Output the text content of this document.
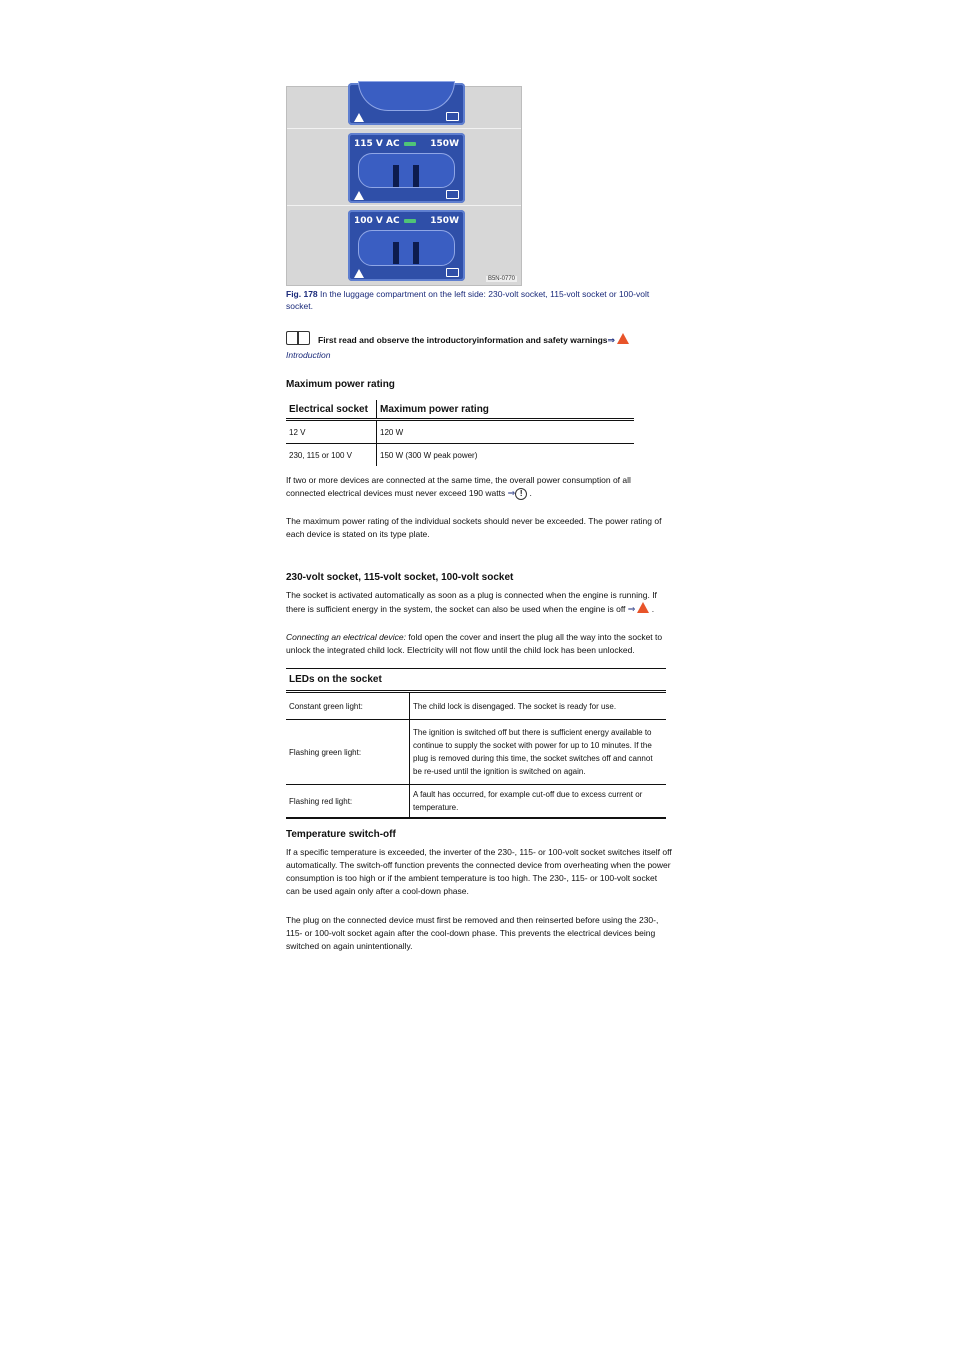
115 V AC	150W
100 V AC	150W
B5N-0770
Fig. 178 In the luggage compartment on the left side: 230-volt socket, 115-volt socket or 100-volt socket.
First read and observe the introductoryinformation and safety warnings⇒
Introduction
Maximum power rating
Electrical socket	Maximum power rating
12 V	120 W
230, 115 or 100 V	150 W (300 W peak power)
If two or more devices are connected at the same time, the overall power consumption of all connected electrical devices must never exceed 190 watts ⇒ ! .
The maximum power rating of the individual sockets should never be exceeded. The power rating of each device is stated on its type plate.
230-volt socket, 115-volt socket, 100-volt socket
The socket is activated automatically as soon as a plug is connected when the engine is running. If there is sufficient energy in the system, the socket can also be used when the engine is off ⇒ .
Connecting an electrical device: fold open the cover and insert the plug all the way into the socket to unlock the integrated child lock. Electricity will not flow until the child lock has been unlocked.
LEDs on the socket	
Constant green light:	The child lock is disengaged. The socket is ready for use.
Flashing green light:	The ignition is switched off but there is sufficient energy available to continue to supply the socket with power for up to 10 minutes. If the plug is removed during this time, the socket switches off and cannot be re-used until the ignition is switched on again.
Flashing red light:	A fault has occurred, for example cut-off due to excess current or temperature.
Temperature switch-off
If a specific temperature is exceeded, the inverter of the 230-, 115- or 100-volt socket switches itself off automatically. The switch-off function prevents the connected device from overheating when the power consumption is too high or if the ambient temperature is too high. The 230-, 115- or 100-volt socket can be used again only after a cool-down phase.
The plug on the connected device must first be removed and then reinserted before using the 230-, 115- or 100-volt socket again after the cool-down phase. This prevents the electrical devices being switched on again unintentionally.
